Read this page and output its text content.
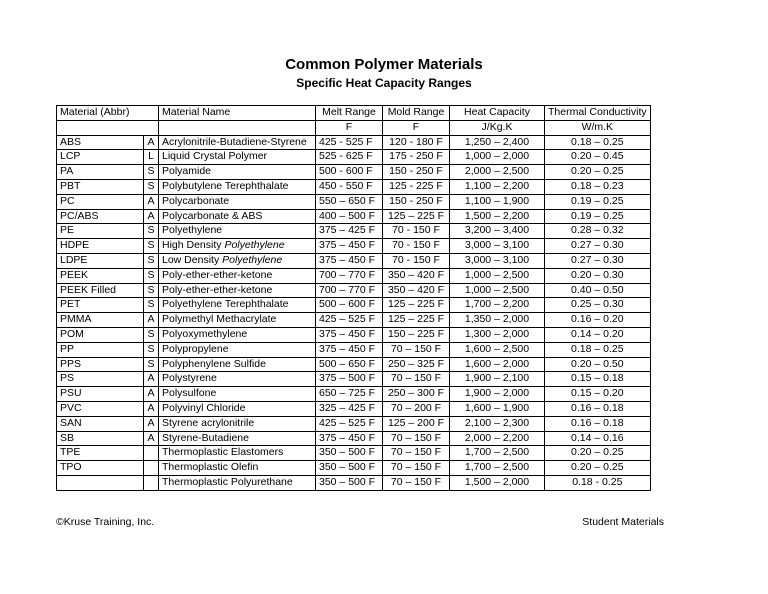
Common Polymer Materials
Specific Heat Capacity Ranges
Material (Abbr)		Material Name	Melt Range	Mold Range	Heat Capacity	Thermal Conductivity
			F	F	J/Kg.K	W/m.K
ABS	A	Acrylonitrile-Butadiene-Styrene	425 - 525 F	120 - 180 F	1,250 – 2,400	0.18 – 0.25
LCP	L	Liquid Crystal Polymer	525 - 625 F	175 - 250 F	1,000 – 2,000	0.20 – 0.45
PA	S	Polyamide	500 - 600 F	150 - 250 F	2,000 – 2,500	0.20 – 0.25
PBT	S	Polybutylene Terephthalate	450 - 550 F	125 - 225 F	1,100 – 2,200	0.18 – 0.23
PC	A	Polycarbonate	550 – 650 F	150 - 250 F	1,100 – 1,900	0.19 – 0.25
PC/ABS	A	Polycarbonate & ABS	400 – 500 F	125 – 225 F	1,500 – 2,200	0.19 – 0.25
PE	S	Polyethylene	375 – 425 F	70 - 150 F	3,200 – 3,400	0.28 – 0.32
HDPE	S	High Density Polyethylene	375 – 450 F	70 - 150 F	3,000 – 3,100	0.27 – 0.30
LDPE	S	Low Density Polyethylene	375 – 450 F	70 - 150 F	3,000 – 3,100	0.27 – 0.30
PEEK	S	Poly-ether-ether-ketone	700 – 770 F	350 – 420 F	1,000 – 2,500	0.20 – 0.30
PEEK Filled	S	Poly-ether-ether-ketone	700 – 770 F	350 – 420 F	1,000 – 2,500	0.40 – 0.50
PET	S	Polyethylene Terephthalate	500 – 600 F	125 – 225 F	1,700 – 2,200	0.25 – 0.30
PMMA	A	Polymethyl Methacrylate	425 – 525 F	125 – 225 F	1,350 – 2,000	0.16 – 0.20
POM	S	Polyoxymethylene	375 – 450 F	150 – 225 F	1,300 – 2,000	0.14 – 0.20
PP	S	Polypropylene	375 – 450 F	70 – 150 F	1,600 – 2,500	0.18 – 0.25
PPS	S	Polyphenylene Sulfide	500 – 650 F	250 – 325 F	1,600 – 2,000	0.20 – 0.50
PS	A	Polystyrene	375 – 500 F	70 – 150 F	1,900 – 2,100	0.15 – 0.18
PSU	A	Polysulfone	650 – 725 F	250 – 300 F	1,900 – 2,000	0.15 – 0.20
PVC	A	Polyvinyl Chloride	325 – 425 F	70 – 200 F	1,600 – 1,900	0.16 – 0.18
SAN	A	Styrene acrylonitrile	425 – 525 F	125 – 200 F	2,100 – 2,300	0.16 – 0.18
SB	A	Styrene-Butadiene	375 – 450 F	70 – 150 F	2,000 – 2,200	0.14 – 0.16
TPE		Thermoplastic Elastomers	350 – 500 F	70 – 150 F	1,700 – 2,500	0.20 – 0.25
TPO		Thermoplastic Olefin	350 – 500 F	70 – 150 F	1,700 – 2,500	0.20 – 0.25
		Thermoplastic Polyurethane	350 – 500 F	70 – 150 F	1,500 – 2,000	0.18 - 0.25
©Kruse Training, Inc.	Student Materials
